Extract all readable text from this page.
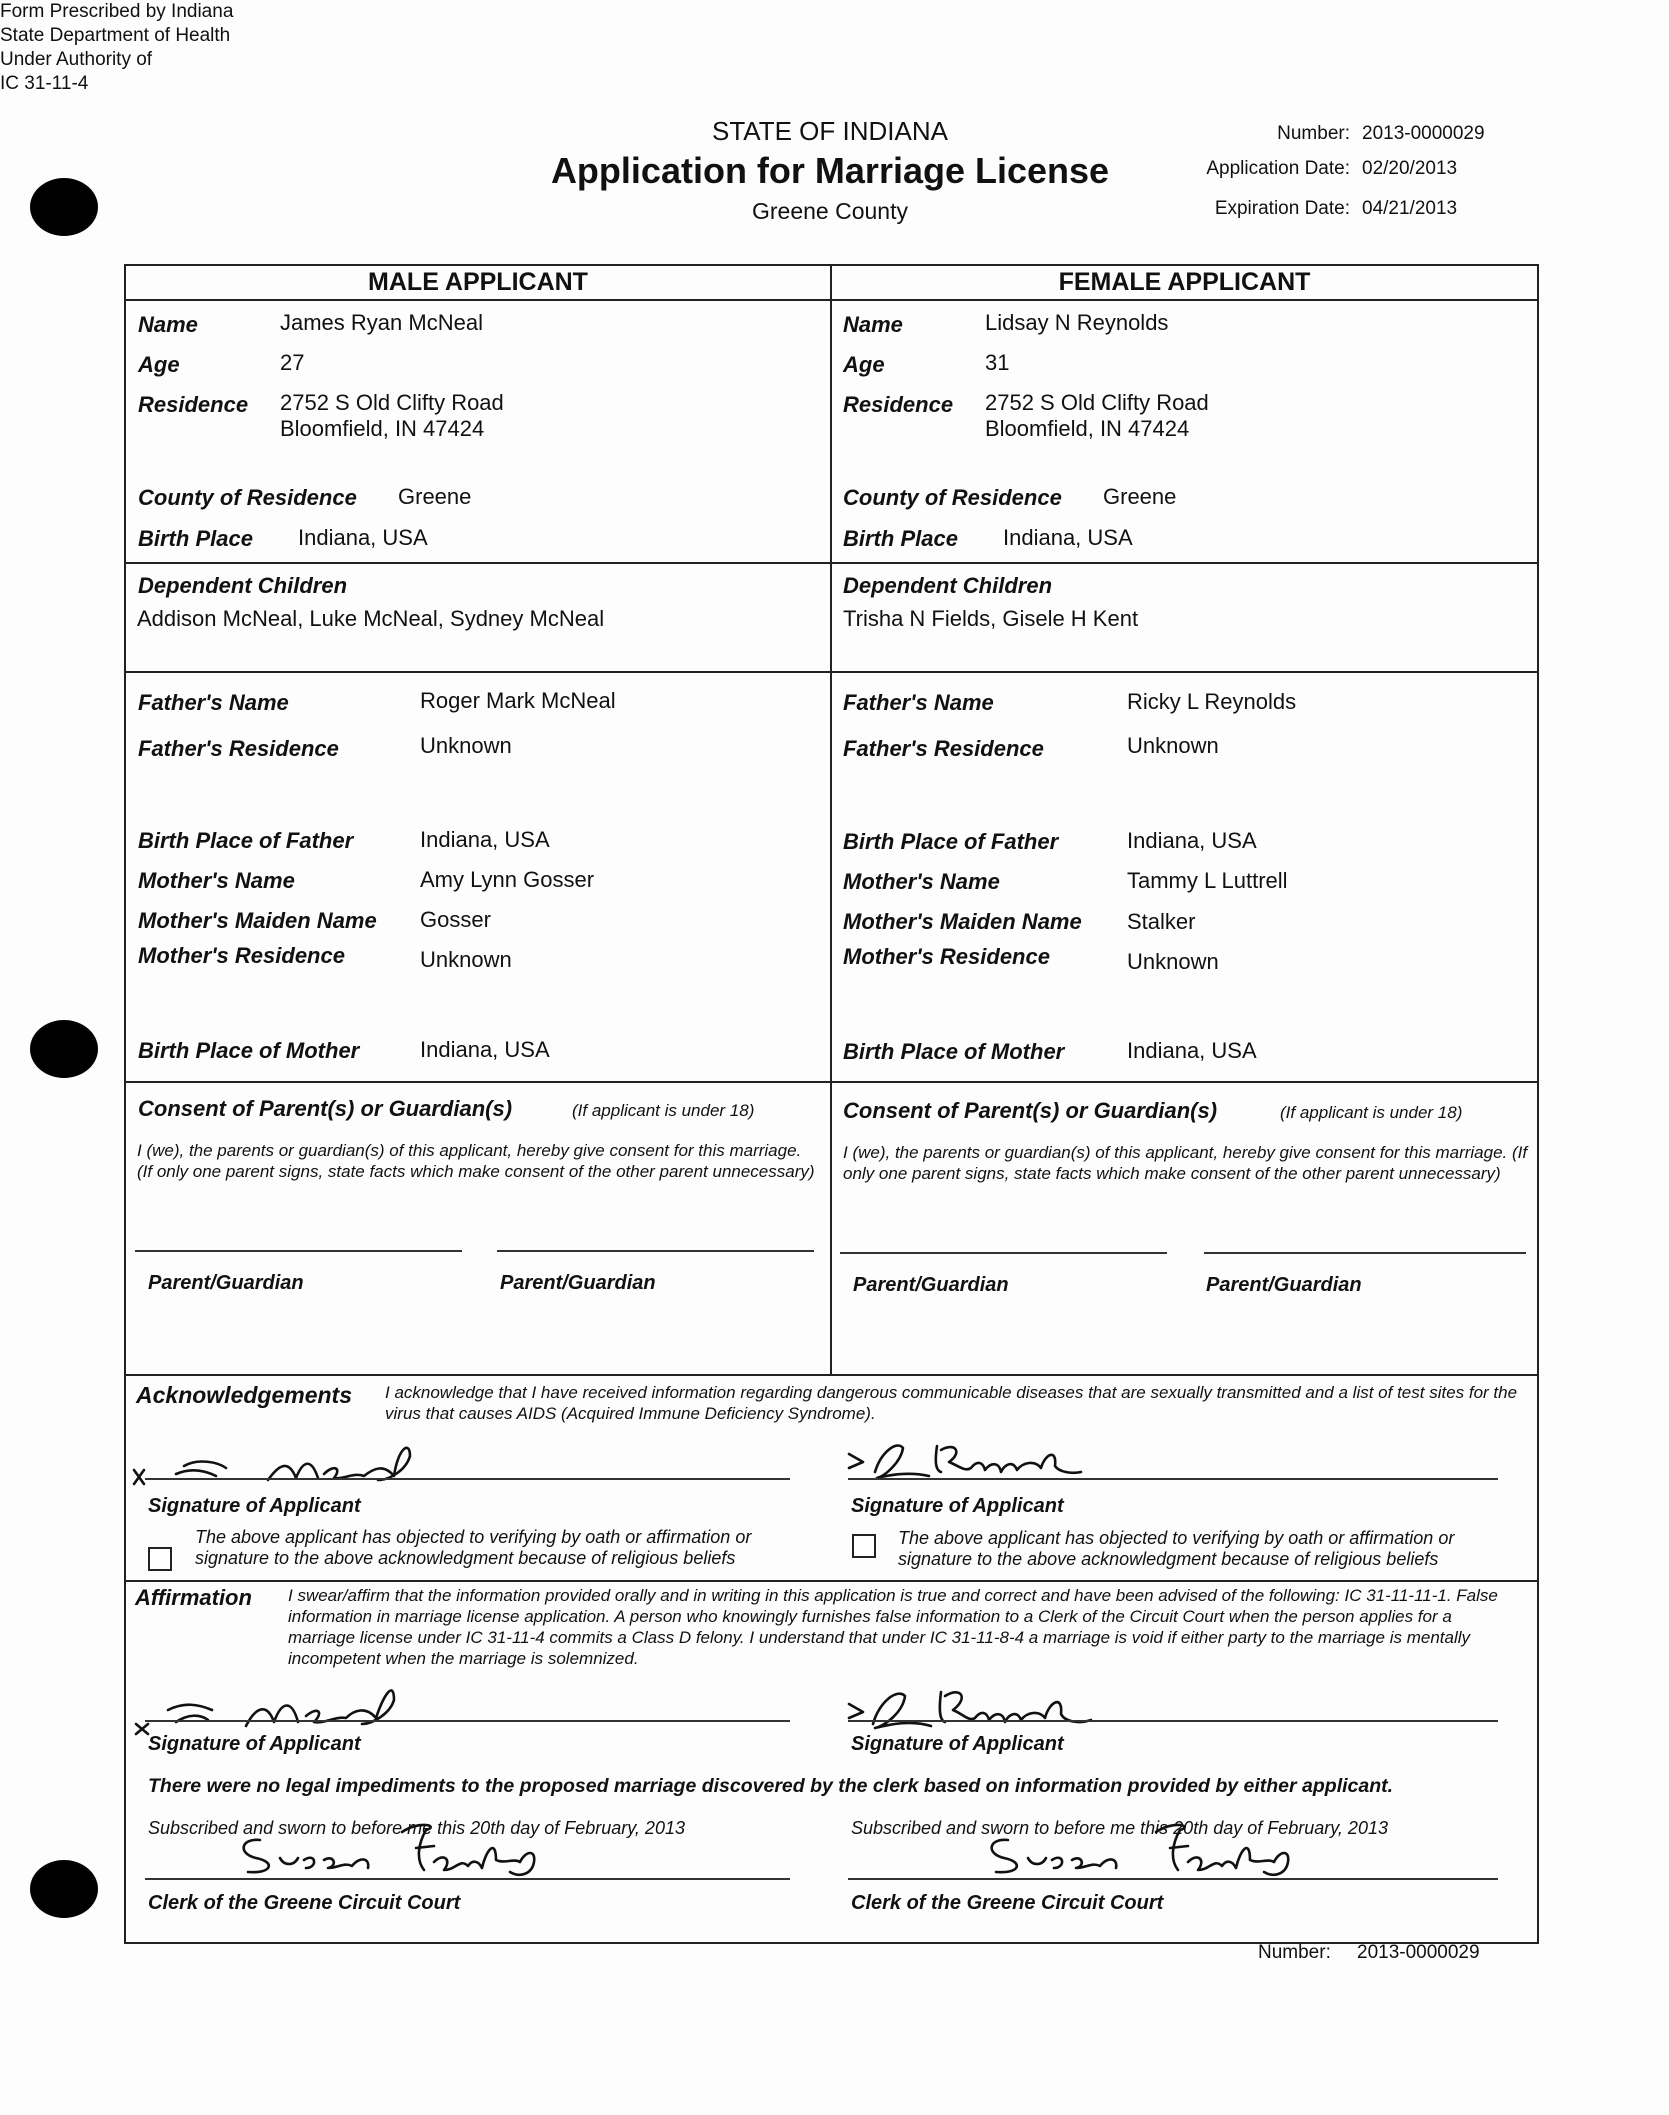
Form Prescribed by Indiana
State Department of Health
Under Authority of
IC 31-11-4
STATE OF INDIANA
Application for Marriage License
Greene County
Number: 2013-0000029
Application Date: 02/20/2013
Expiration Date: 04/21/2013
MALE APPLICANT	FEMALE APPLICANT
Name	James Ryan McNeal
Age	27
Residence 2752 S Old Clifty Road
Bloomfield, IN 47424
County of Residence Greene
Birth Place Indiana, USA
Dependent Children
Addison McNeal, Luke McNeal, Sydney McNeal
Father's Name	Roger Mark McNeal
Father's Residence	Unknown
Birth Place of Father	Indiana, USA
Mother's Name	Amy Lynn Gosser
Mother's Maiden Name Gosser
Mother's Residence	Unknown
Birth Place of Mother	Indiana, USA
Consent of Parent(s) or Guardian(s)	(If applicant is under 18)
I (we), the parents or guardian(s) of this applicant, hereby give consent for this marriage. (If only one parent signs, state facts which make consent of the other parent unnecessary)
Parent/Guardian	Parent/Guardian
Name	Lidsay N Reynolds
Age	31
Residence 2752 S Old Clifty Road
Bloomfield, IN 47424
County of Residence Greene
Birth Place Indiana, USA
Dependent Children
Trisha N Fields, Gisele H Kent
Father's Name	Ricky L Reynolds
Father's Residence	Unknown
Birth Place of Father	Indiana, USA
Mother's Name	Tammy L Luttrell
Mother's Maiden Name Stalker
Mother's Residence	Unknown
Birth Place of Mother	Indiana, USA
Consent of Parent(s) or Guardian(s)	(If applicant is under 18)
I (we), the parents or guardian(s) of this applicant, hereby give consent for this marriage. (If only one parent signs, state facts which make consent of the other parent unnecessary)
Parent/Guardian	Parent/Guardian
Acknowledgements I acknowledge that I have received information regarding dangerous communicable diseases that are sexually transmitted and a list of test sites for the virus that causes AIDS (Acquired Immune Deficiency Syndrome).
Signature of Applicant
The above applicant has objected to verifying by oath or affirmation or signature to the above acknowledgment because of religious beliefs
Signature of Applicant
The above applicant has objected to verifying by oath or affirmation or signature to the above acknowledgment because of religious beliefs
Affirmation I swear/affirm that the information provided orally and in writing in this application is true and correct and have been advised of the following: IC 31-11-11-1. False information in marriage license application. A person who knowingly furnishes false information to a Clerk of the Circuit Court when the person applies for a marriage license under IC 31-11-4 commits a Class D felony. I understand that under IC 31-11-8-4 a marriage is void if either party to the marriage is mentally incompetent when the marriage is solemnized.
Signature of Applicant	Signature of Applicant
There were no legal impediments to the proposed marriage discovered by the clerk based on information provided by either applicant.
Subscribed and sworn to before me this 20th day of February, 2013
Clerk of the Greene Circuit Court
Subscribed and sworn to before me this 20th day of February, 2013
Clerk of the Greene Circuit Court
Number: 2013-0000029
